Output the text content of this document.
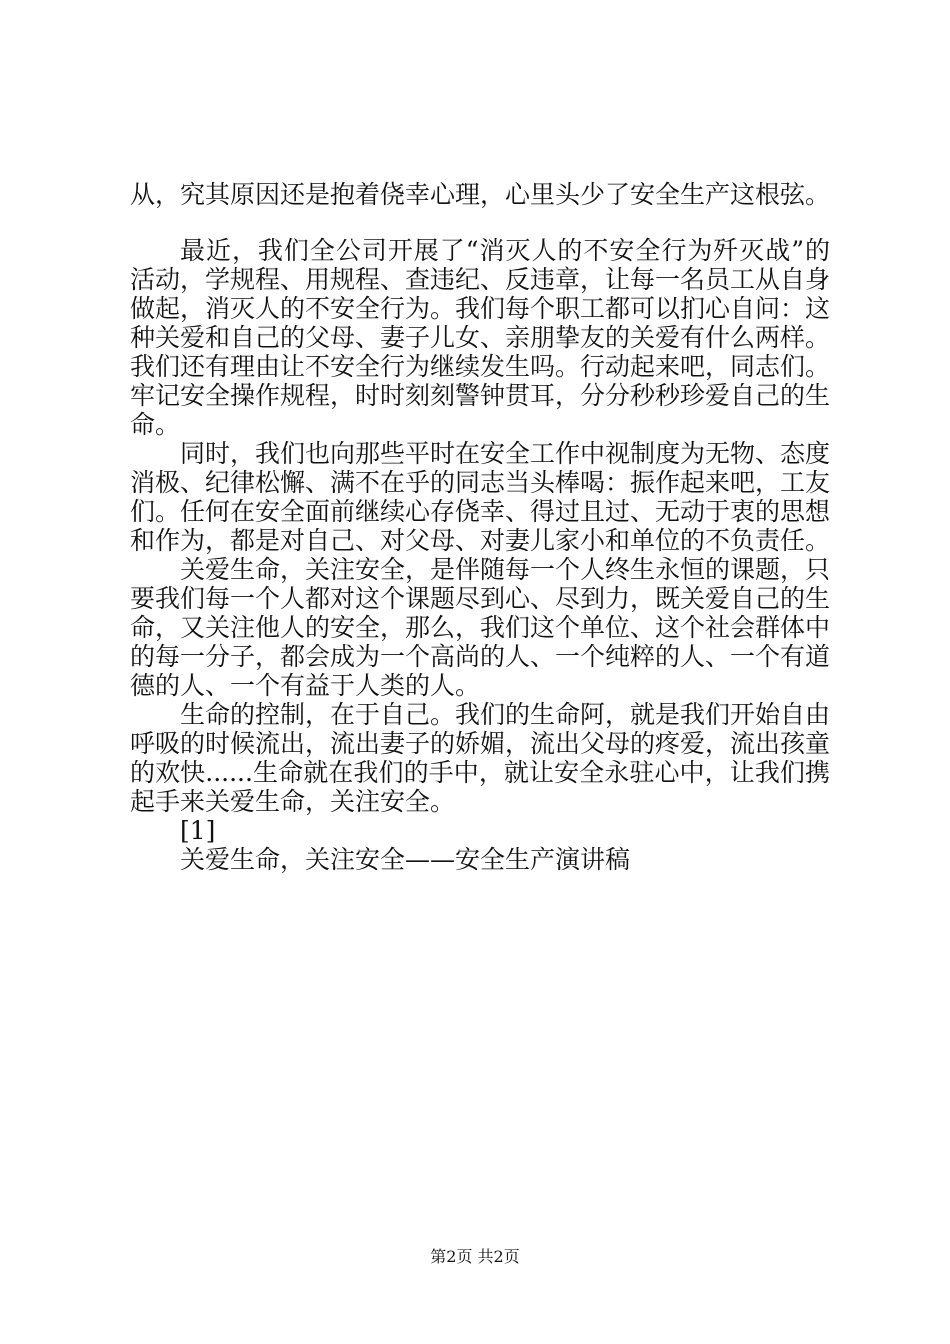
从，究其原因还是抱着侥幸心理，心里头少了安全生产这根弦。

最近，我们全公司开展了“消灭人的不安全行为歼灭战”的活动，学规程、用规程、查违纪、反违章，让每一名员工从自身做起，消灭人的不安全行为。我们每个职工都可以扪心自问：这种关爱和自己的父母、妻子儿女、亲朋挚友的关爱有什么两样。我们还有理由让不安全行为继续发生吗。行动起来吧，同志们。牢记安全操作规程，时时刻刻警钟贯耳，分分秒秒珍爱自己的生命。

同时，我们也向那些平时在安全工作中视制度为无物、态度消极、纪律松懈、满不在乎的同志当头棒喝：振作起来吧，工友们。任何在安全面前继续心存侥幸、得过且过、无动于衷的思想和作为，都是对自己、对父母、对妻儿家小和单位的不负责任。

关爱生命，关注安全，是伴随每一个人终生永恒的课题，只要我们每一个人都对这个课题尽到心、尽到力，既关爱自己的生命，又关注他人的安全，那么，我们这个单位、这个社会群体中的每一分子，都会成为一个高尚的人、一个纯粹的人、一个有道德的人、一个有益于人类的人。

生命的控制，在于自己。我们的生命阿，就是我们开始自由呼吸的时候流出，流出妻子的娇媚，流出父母的疼爱，流出孩童的欢快......生命就在我们的手中，就让安全永驻心中，让我们携起手来关爱生命，关注安全。

[1]

关爱生命，关注安全——安全生产演讲稿

第2页 共2页
